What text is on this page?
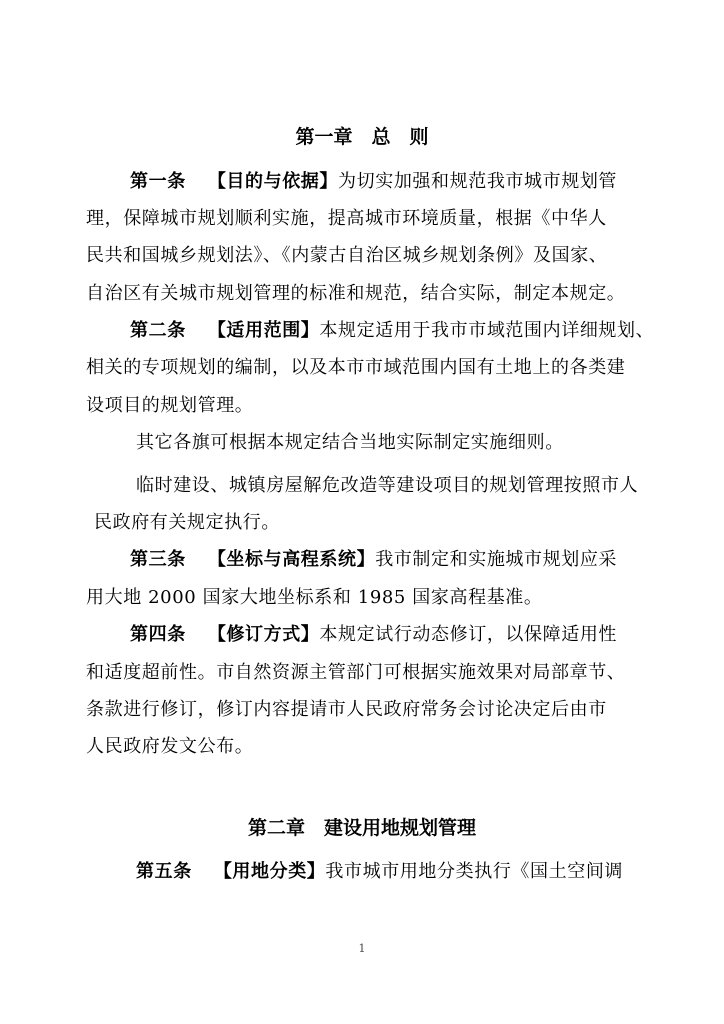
第一章　总　则
第一条 【目的与依据】为切实加强和规范我市城市规划管
理，保障城市规划顺利实施，提高城市环境质量，根据《中华人
民共和国城乡规划法》、《内蒙古自治区城乡规划条例》及国家、
自治区有关城市规划管理的标准和规范，结合实际，制定本规定。
第二条 【适用范围】本规定适用于我市市域范围内详细规划、
相关的专项规划的编制，以及本市市域范围内国有土地上的各类建
设项目的规划管理。
其它各旗可根据本规定结合当地实际制定实施细则。
临时建设、城镇房屋解危改造等建设项目的规划管理按照市人
民政府有关规定执行。
第三条 【坐标与高程系统】我市制定和实施城市规划应采
用大地 2000 国家大地坐标系和 1985 国家高程基准。
第四条 【修订方式】本规定试行动态修订，以保障适用性
和适度超前性。市自然资源主管部门可根据实施效果对局部章节、
条款进行修订，修订内容提请市人民政府常务会讨论决定后由市
人民政府发文公布。
第二章　建设用地规划管理
第五条 【用地分类】我市城市用地分类执行《国土空间调
1
